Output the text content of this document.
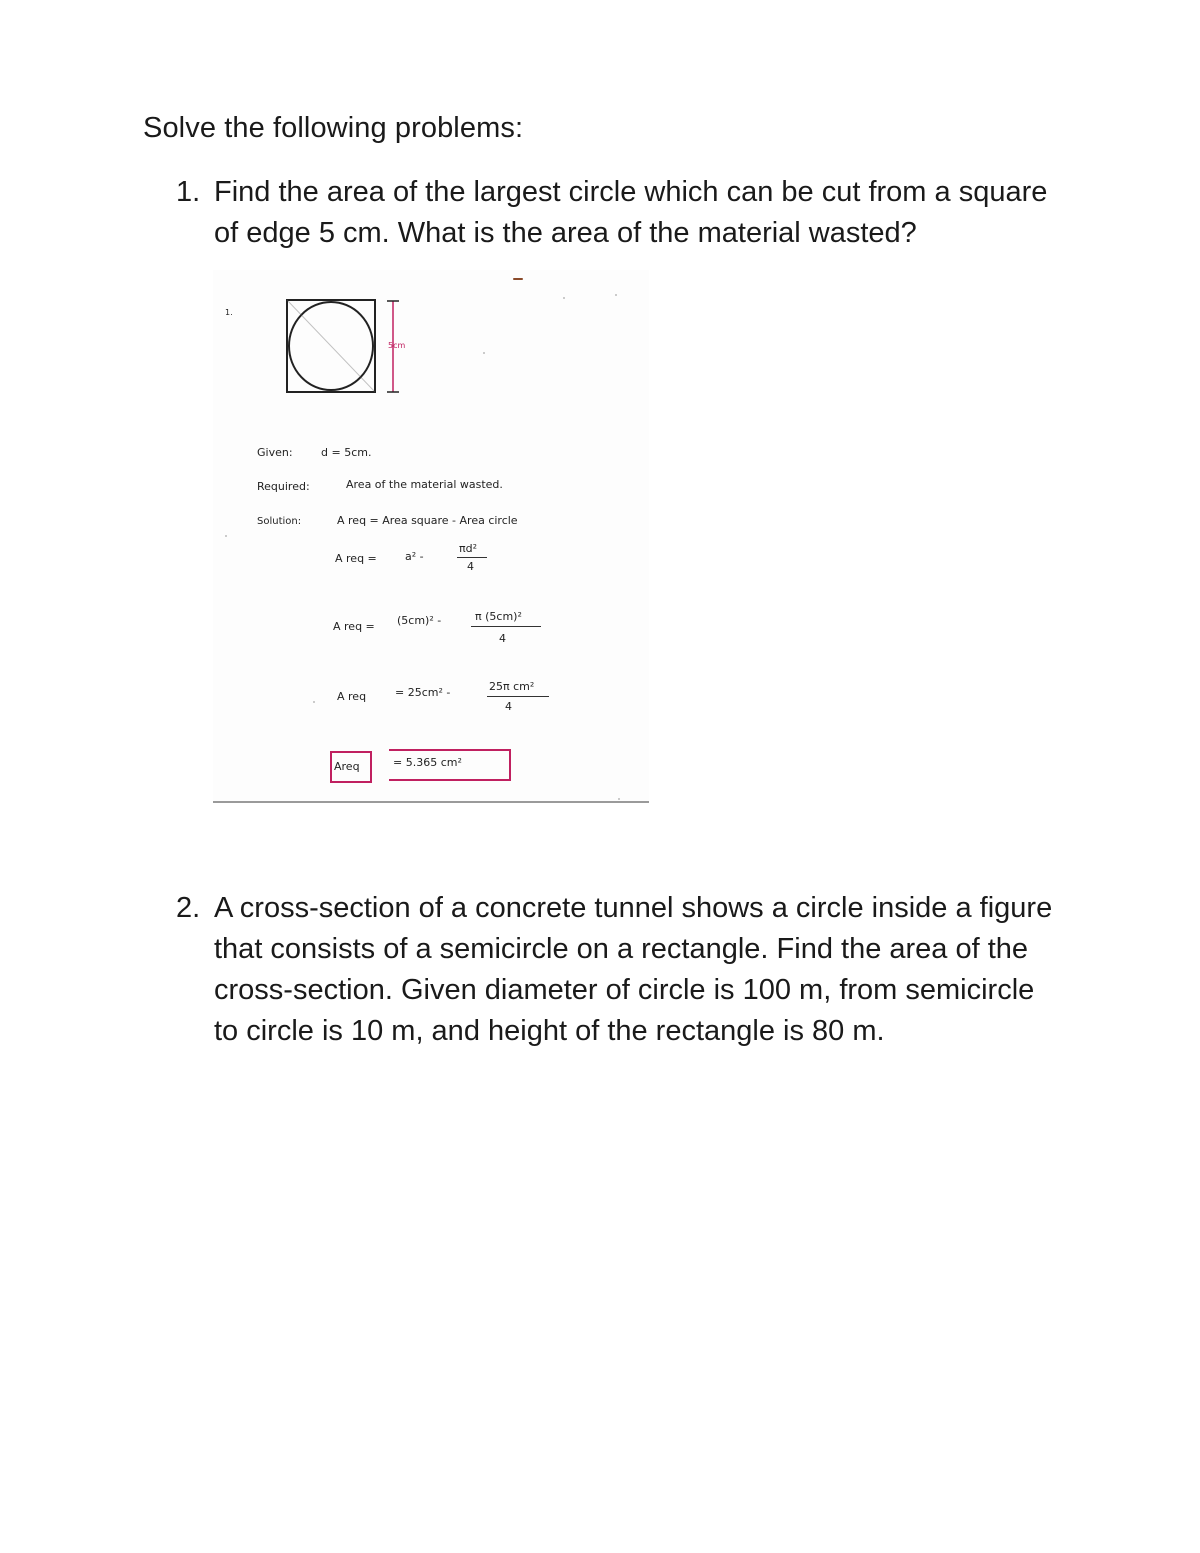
Solve the following problems:
1. Find the area of the largest circle which can be cut from a square of edge 5 cm. What is the area of the material wasted?
1.
5cm
Given:	d = 5cm.
Required:	Area of the material wasted.
Solution:	A req = Area square - Area circle
A req =	a² -
πd²
4
A req = (5cm)² -	π (5cm)²
4
A req	= 25cm² -	25π cm²
4
Areq	= 5.365 cm²
2. A cross-section of a concrete tunnel shows a circle inside a figure that consists of a semicircle on a rectangle. Find the area of the cross-section. Given diameter of circle is 100 m, from semicircle to circle is 10 m, and height of the rectangle is 80 m.
